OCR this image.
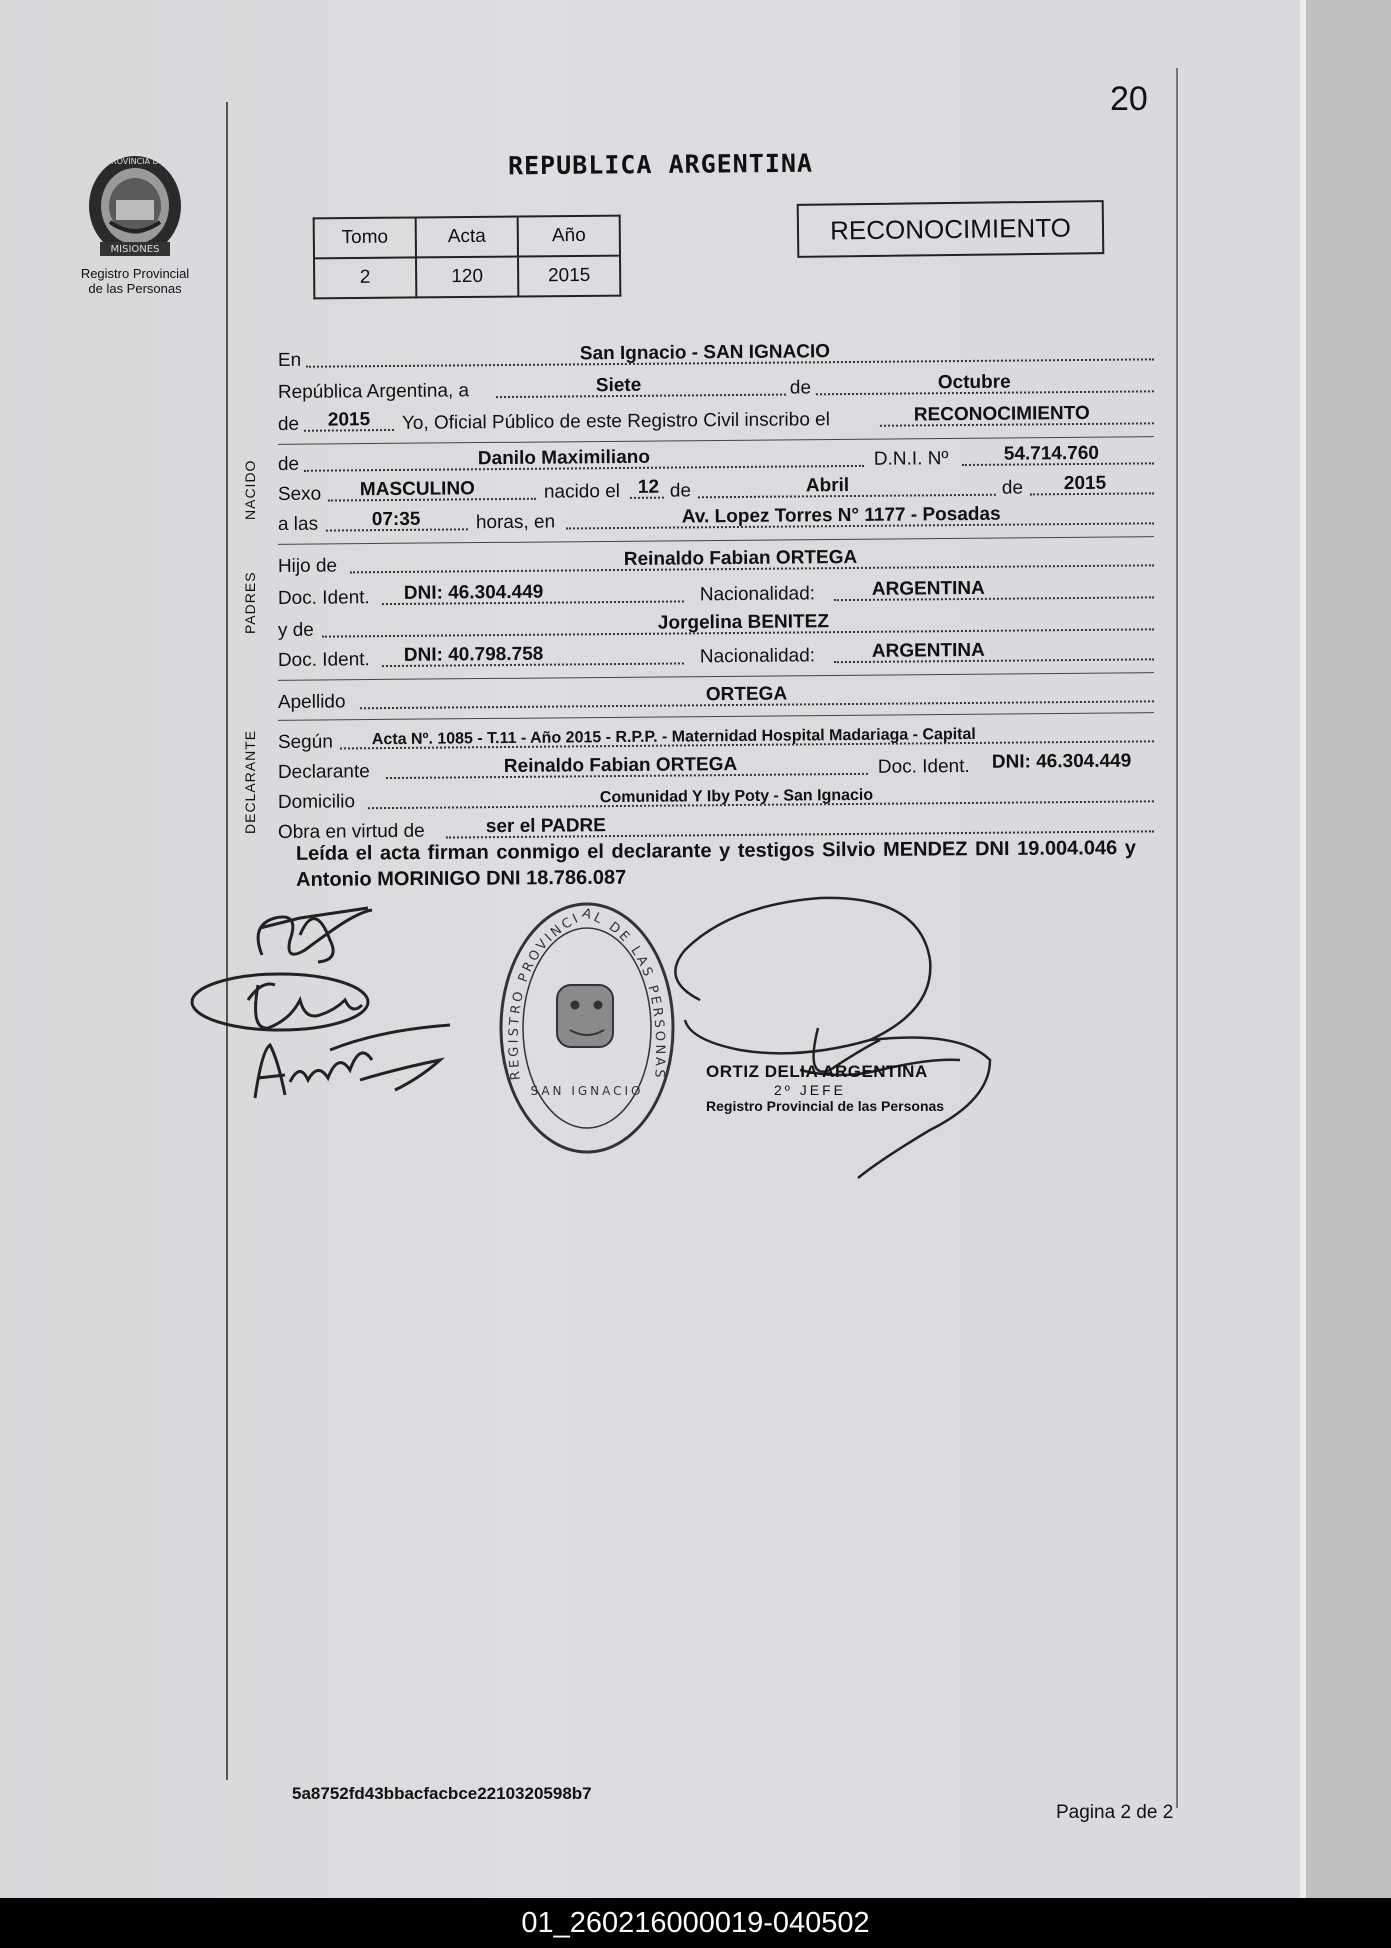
20
MISIONES
PROVINCIA DE
Registro Provincial
de las Personas
REPUBLICA ARGENTINA
Tomo	Acta	Año
2	120	2015
RECONOCIMIENTO
NACIDO
PADRES
DECLARANTE
En	San Ignacio - SAN IGNACIO
República Argentina, a	Siete	de	Octubre
de 2015 Yo, Oficial Público de este Registro Civil inscribo el	RECONOCIMIENTO
de	Danilo Maximiliano	D.N.I. Nº	54.714.760
Sexo MASCULINO	nacido el 12 de	Abril	de 2015
a las	07:35	horas, en	Av. Lopez Torres N° 1177 - Posadas
Hijo de	Reinaldo Fabian ORTEGA
Doc. Ident. DNI: 46.304.449	Nacionalidad:	ARGENTINA
y de	Jorgelina BENITEZ
Doc. Ident. DNI: 40.798.758	Nacionalidad:	ARGENTINA
Apellido	ORTEGA
Según Acta Nº. 1085 - T.11 - Año 2015 - R.P.P. - Maternidad Hospital Madariaga - Capital
Declarante	Reinaldo Fabian ORTEGA	Doc. Ident. DNI: 46.304.449
Domicilio	Comunidad Y Iby Poty - San Ignacio
Obra en virtud de	ser el PADRE
Leída el acta firman conmigo el declarante y testigos Silvio MENDEZ DNI 19.004.046 y Antonio MORINIGO DNI 18.786.087
REGISTRO PROVINCIAL DE LAS PERSONAS
SAN IGNACIO
ORTIZ DELIA ARGENTINA
2º JEFE
Registro Provincial de las Personas
5a8752fd43bbacfacbce2210320598b7
Pagina 2 de 2
01_260216000019-040502
